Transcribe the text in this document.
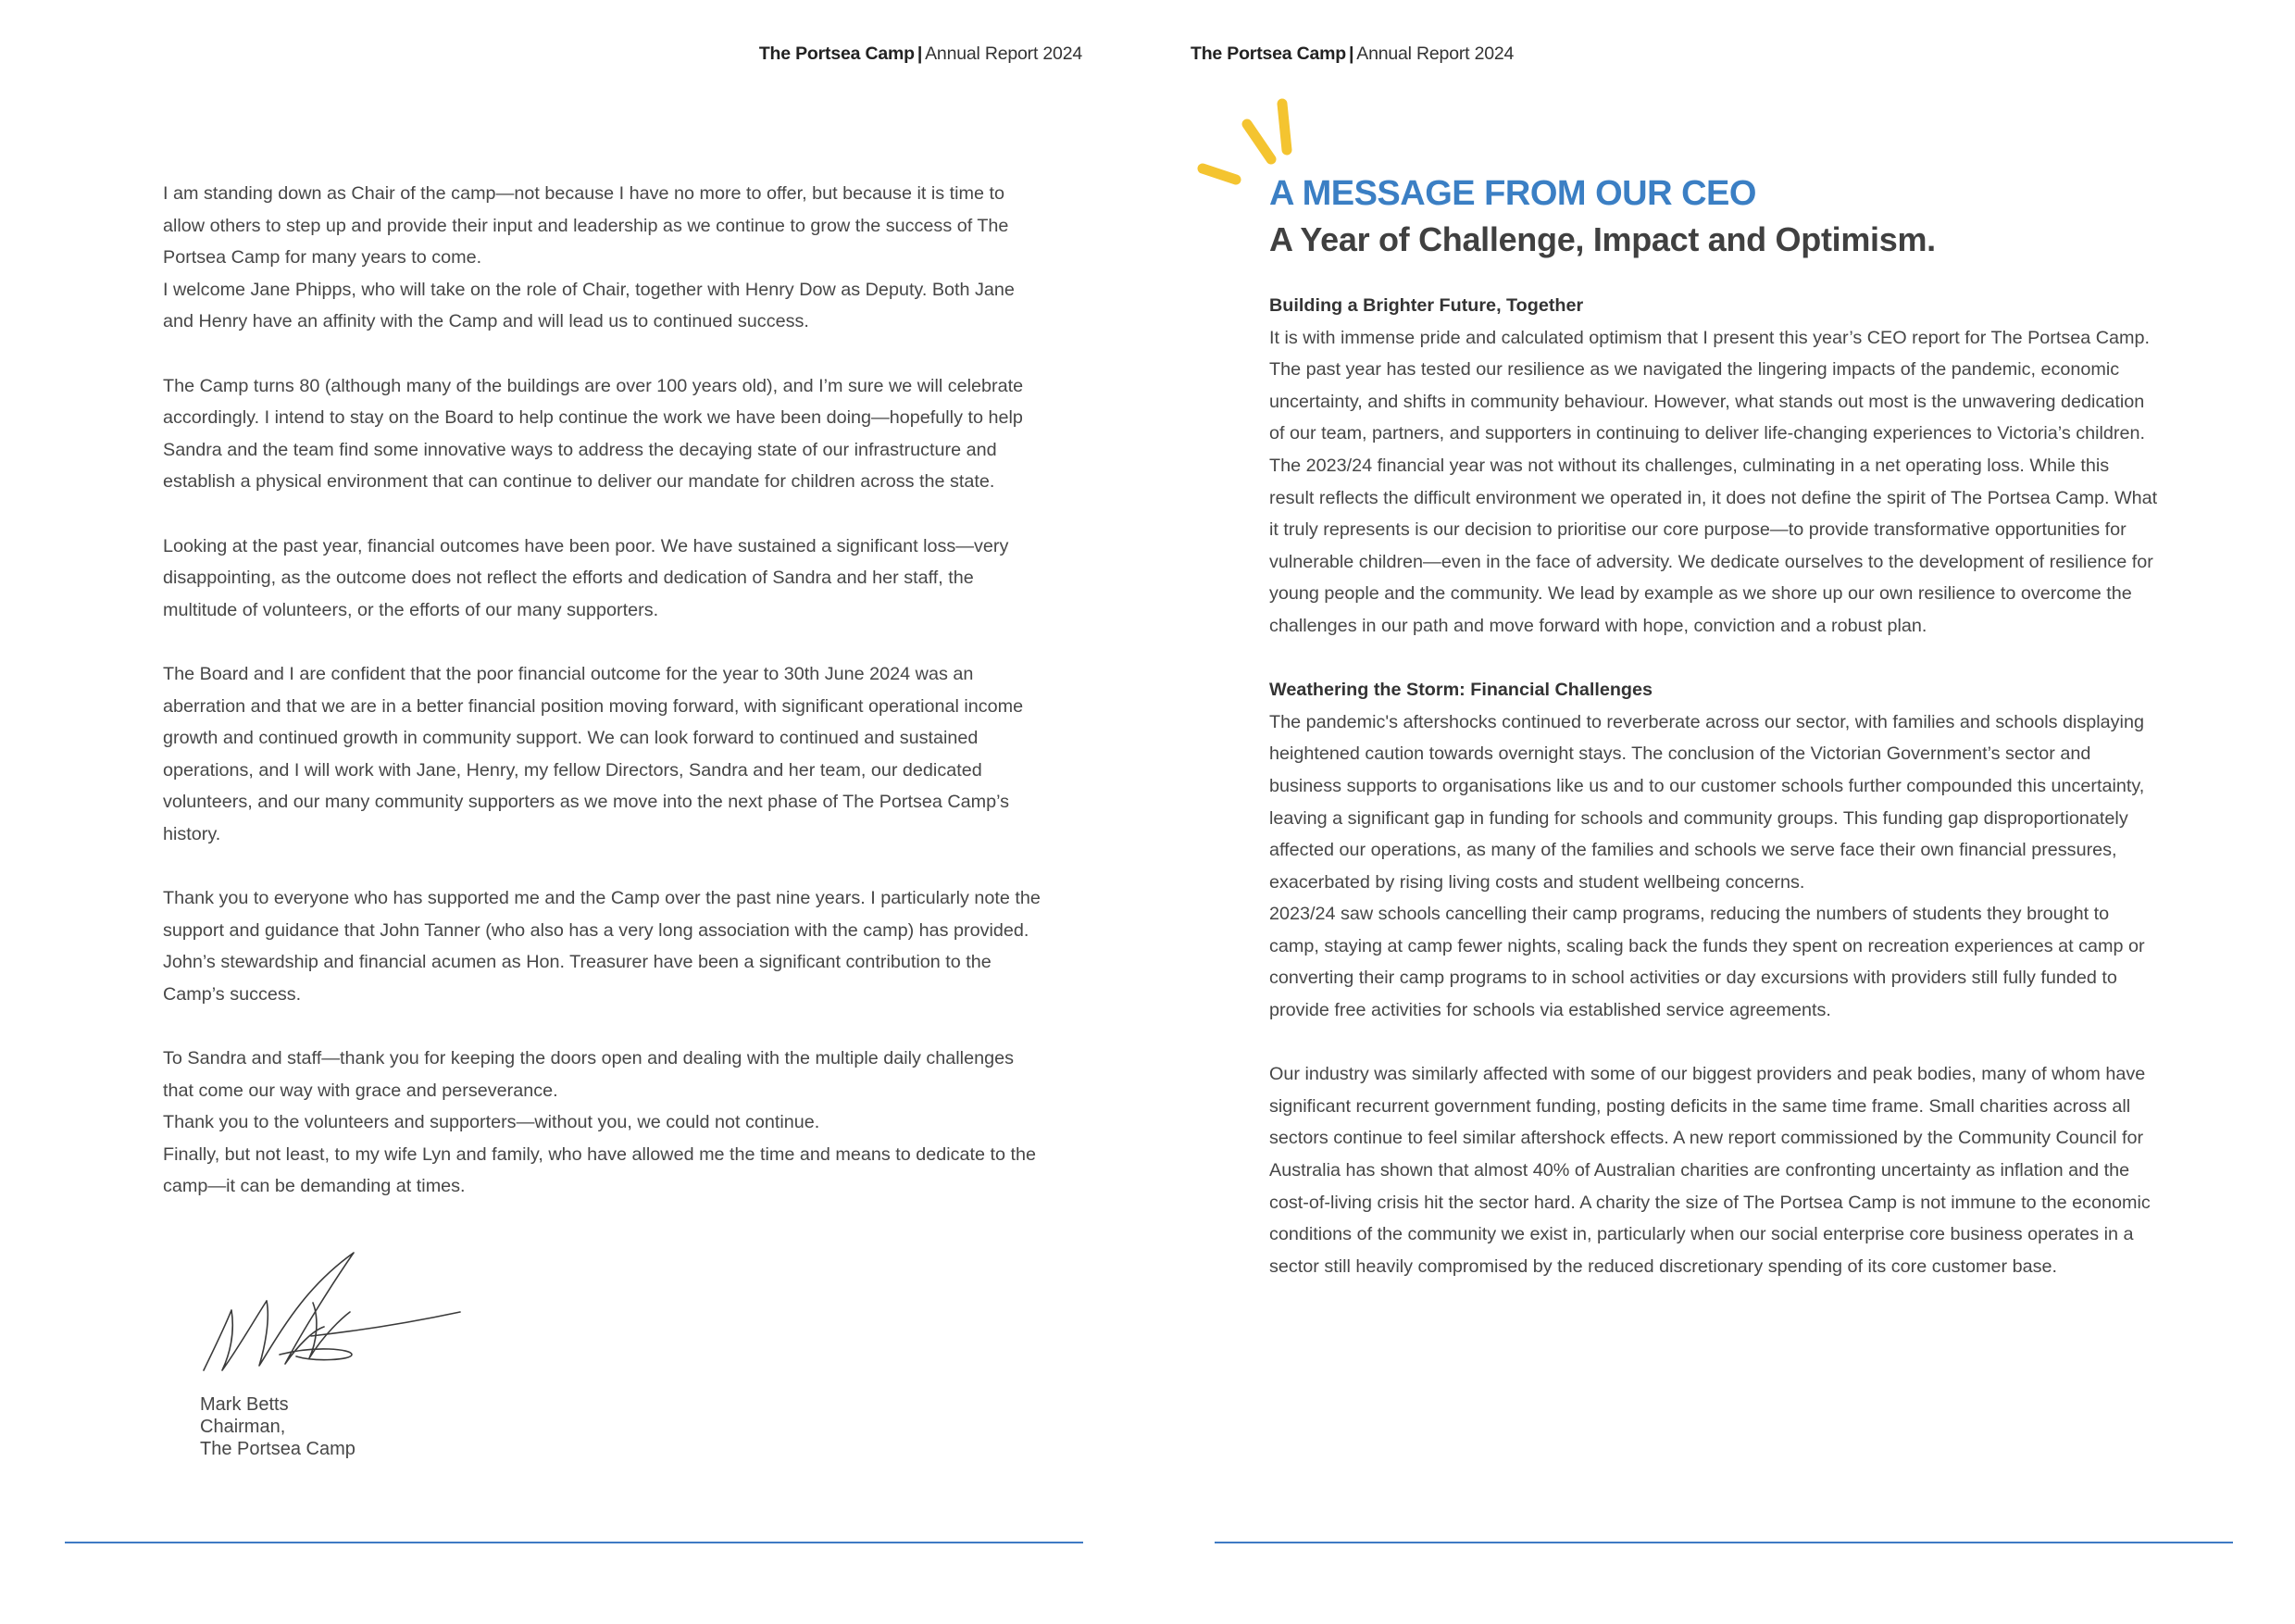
The Portsea Camp | Annual Report 2024

I am standing down as Chair of the camp—not because I have no more to offer, but because it is time to allow others to step up and provide their input and leadership as we continue to grow the success of The Portsea Camp for many years to come.

I welcome Jane Phipps, who will take on the role of Chair, together with Henry Dow as Deputy. Both Jane and Henry have an affinity with the Camp and will lead us to continued success.

The Camp turns 80 (although many of the buildings are over 100 years old), and I’m sure we will celebrate accordingly. I intend to stay on the Board to help continue the work we have been doing—hopefully to help Sandra and the team find some innovative ways to address the decaying state of our infrastructure and establish a physical environment that can continue to deliver our mandate for children across the state.

Looking at the past year, financial outcomes have been poor. We have sustained a significant loss—very disappointing, as the outcome does not reflect the efforts and dedication of Sandra and her staff, the multitude of volunteers, or the efforts of our many supporters.

The Board and I are confident that the poor financial outcome for the year to 30th June 2024 was an aberration and that we are in a better financial position moving forward, with significant operational income growth and continued growth in community support. We can look forward to continued and sustained operations, and I will work with Jane, Henry, my fellow Directors, Sandra and her team, our dedicated volunteers, and our many community supporters as we move into the next phase of The Portsea Camp’s history.

Thank you to everyone who has supported me and the Camp over the past nine years. I particularly note the support and guidance that John Tanner (who also has a very long association with the camp) has provided. John’s stewardship and financial acumen as Hon. Treasurer have been a significant contribution to the Camp’s success.

To Sandra and staff—thank you for keeping the doors open and dealing with the multiple daily challenges that come our way with grace and perseverance.

Thank you to the volunteers and supporters—without you, we could not continue.

Finally, but not least, to my wife Lyn and family, who have allowed me the time and means to dedicate to the camp—it can be demanding at times.

Mark Betts
Chairman,
The Portsea Camp
The Portsea Camp | Annual Report 2024
A MESSAGE FROM OUR CEO
A Year of Challenge, Impact and Optimism.

Building a Brighter Future, Together

It is with immense pride and calculated optimism that I present this year’s CEO report for The Portsea Camp. The past year has tested our resilience as we navigated the lingering impacts of the pandemic, economic uncertainty, and shifts in community behaviour. However, what stands out most is the unwavering dedication of our team, partners, and supporters in continuing to deliver life-changing experiences to Victoria’s children.

The 2023/24 financial year was not without its challenges, culminating in a net operating loss. While this result reflects the difficult environment we operated in, it does not define the spirit of The Portsea Camp. What it truly represents is our decision to prioritise our core purpose—to provide transformative opportunities for vulnerable children—even in the face of adversity. We dedicate ourselves to the development of resilience for young people and the community. We lead by example as we shore up our own resilience to overcome the challenges in our path and move forward with hope, conviction and a robust plan.

Weathering the Storm: Financial Challenges

The pandemic's aftershocks continued to reverberate across our sector, with families and schools displaying heightened caution towards overnight stays. The conclusion of the Victorian Government’s sector and business supports to organisations like us and to our customer schools further compounded this uncertainty, leaving a significant gap in funding for schools and community groups. This funding gap disproportionately affected our operations, as many of the families and schools we serve face their own financial pressures, exacerbated by rising living costs and student wellbeing concerns.

2023/24 saw schools cancelling their camp programs, reducing the numbers of students they brought to camp, staying at camp fewer nights, scaling back the funds they spent on recreation experiences at camp or converting their camp programs to in school activities or day excursions with providers still fully funded to provide free activities for schools via established service agreements.

Our industry was similarly affected with some of our biggest providers and peak bodies, many of whom have significant recurrent government funding, posting deficits in the same time frame. Small charities across all sectors continue to feel similar aftershock effects. A new report commissioned by the Community Council for Australia has shown that almost 40% of Australian charities are confronting uncertainty as inflation and the cost-of-living crisis hit the sector hard. A charity the size of The Portsea Camp is not immune to the economic conditions of the community we exist in, particularly when our social enterprise core business operates in a sector still heavily compromised by the reduced discretionary spending of its core customer base.
